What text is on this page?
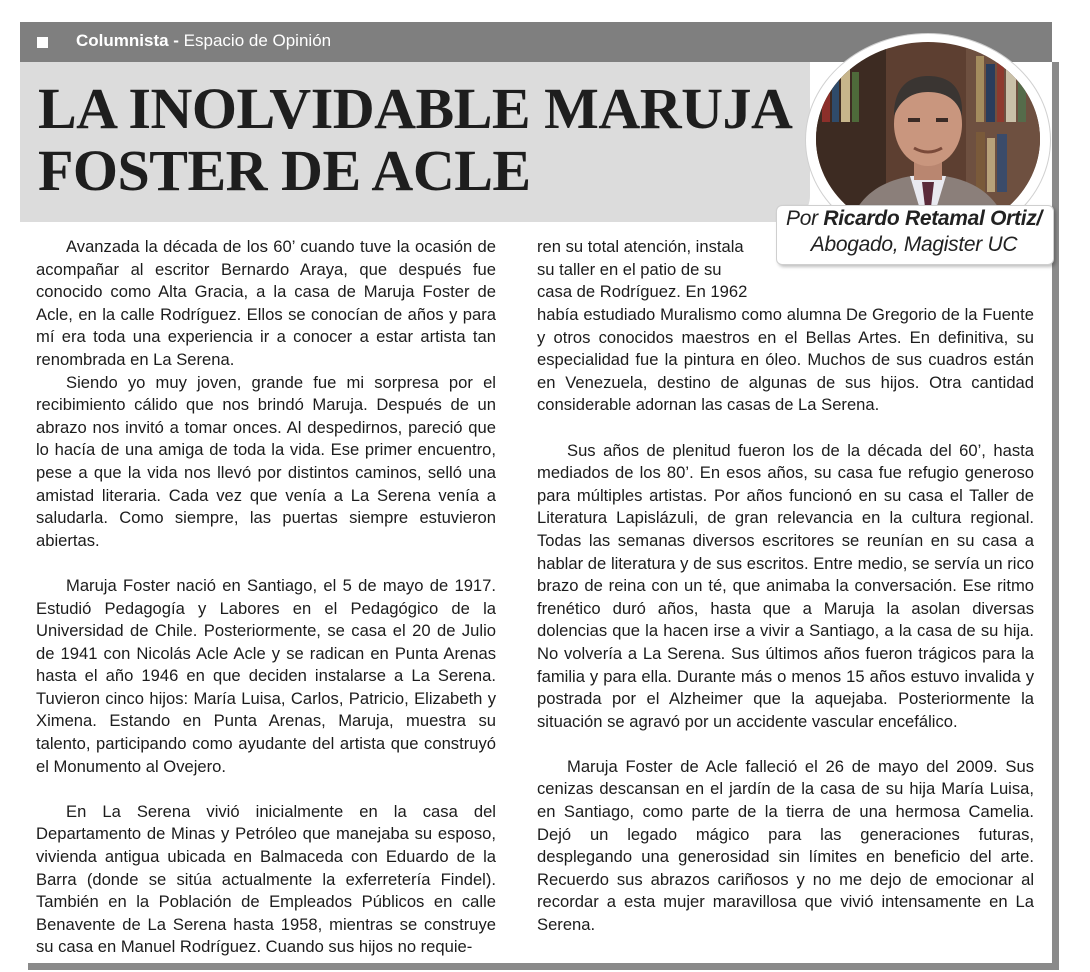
Columnista - Espacio de Opinión
LA INOLVIDABLE MARUJA
FOSTER DE ACLE
Por Ricardo Retamal Ortiz/
Abogado, Magister UC

Avanzada la década de los 60’ cuando tuve la ocasión de acompañar al escritor Bernardo Araya, que después fue conocido como Alta Gracia, a la casa de Maruja Foster de Acle, en la calle Rodríguez. Ellos se conocían de años y para mí era toda una experiencia ir a conocer a estar artista tan renombrada en La Serena.

Siendo yo muy joven, grande fue mi sorpresa por el recibimiento cálido que nos brindó Maruja. Después de un abrazo nos invitó a tomar onces. Al despedirnos, pareció que lo hacía de una amiga de toda la vida. Ese primer encuentro, pese a que la vida nos llevó por distintos caminos, selló una amistad literaria. Cada vez que venía a La Serena venía a saludarla. Como siempre, las puertas siempre estuvieron abiertas.

Maruja Foster nació en Santiago, el 5 de mayo de 1917. Estudió Pedagogía y Labores en el Pedagógico de la Universidad de Chile. Posteriormente, se casa el 20 de Julio de 1941 con Nicolás Acle Acle y se radican en Punta Arenas hasta el año 1946 en que deciden instalarse a La Serena. Tuvieron cinco hijos: María Luisa, Carlos, Patricio, Elizabeth y Ximena. Estando en Punta Arenas, Maruja, muestra su talento, participando como ayudante del artista que construyó el Monumento al Ovejero.

En La Serena vivió inicialmente en la casa del Departamento de Minas y Petróleo que manejaba su esposo, vivienda antigua ubicada en Balmaceda con Eduardo de la Barra (donde se sitúa actualmente la exferretería Findel). También en la Población de Empleados Públicos en calle Benavente de La Serena hasta 1958, mientras se construye su casa en Manuel Rodríguez. Cuando sus hijos no requie-

ren su total atención, instala

su taller en el patio de su

casa de Rodríguez. En 1962

había estudiado Muralismo como alumna De Gregorio de la Fuente y otros conocidos maestros en el Bellas Artes. En definitiva, su especialidad fue la pintura en óleo. Muchos de sus cuadros están en Venezuela, destino de algunas de sus hijos. Otra cantidad considerable adornan las casas de La Serena.

Sus años de plenitud fueron los de la década del 60’, hasta mediados de los 80’. En esos años, su casa fue refugio generoso para múltiples artistas. Por años funcionó en su casa el Taller de Literatura Lapislázuli, de gran relevancia en la cultura regional. Todas las semanas diversos escritores se reunían en su casa a hablar de literatura y de sus escritos. Entre medio, se servía un rico brazo de reina con un té, que animaba la conversación. Ese ritmo frenético duró años, hasta que a Maruja la asolan diversas dolencias que la hacen irse a vivir a Santiago, a la casa de su hija. No volvería a La Serena. Sus últimos años fueron trágicos para la familia y para ella. Durante más o menos 15 años estuvo invalida y postrada por el Alzheimer que la aquejaba. Posteriormente la situación se agravó por un accidente vascular encefálico.

Maruja Foster de Acle falleció el 26 de mayo del 2009. Sus cenizas descansan en el jardín de la casa de su hija María Luisa, en Santiago, como parte de la tierra de una hermosa Camelia. Dejó un legado mágico para las generaciones futuras, desplegando una generosidad sin límites en beneficio del arte. Recuerdo sus abrazos cariñosos y no me dejo de emocionar al recordar a esta mujer maravillosa que vivió intensamente en La Serena.
